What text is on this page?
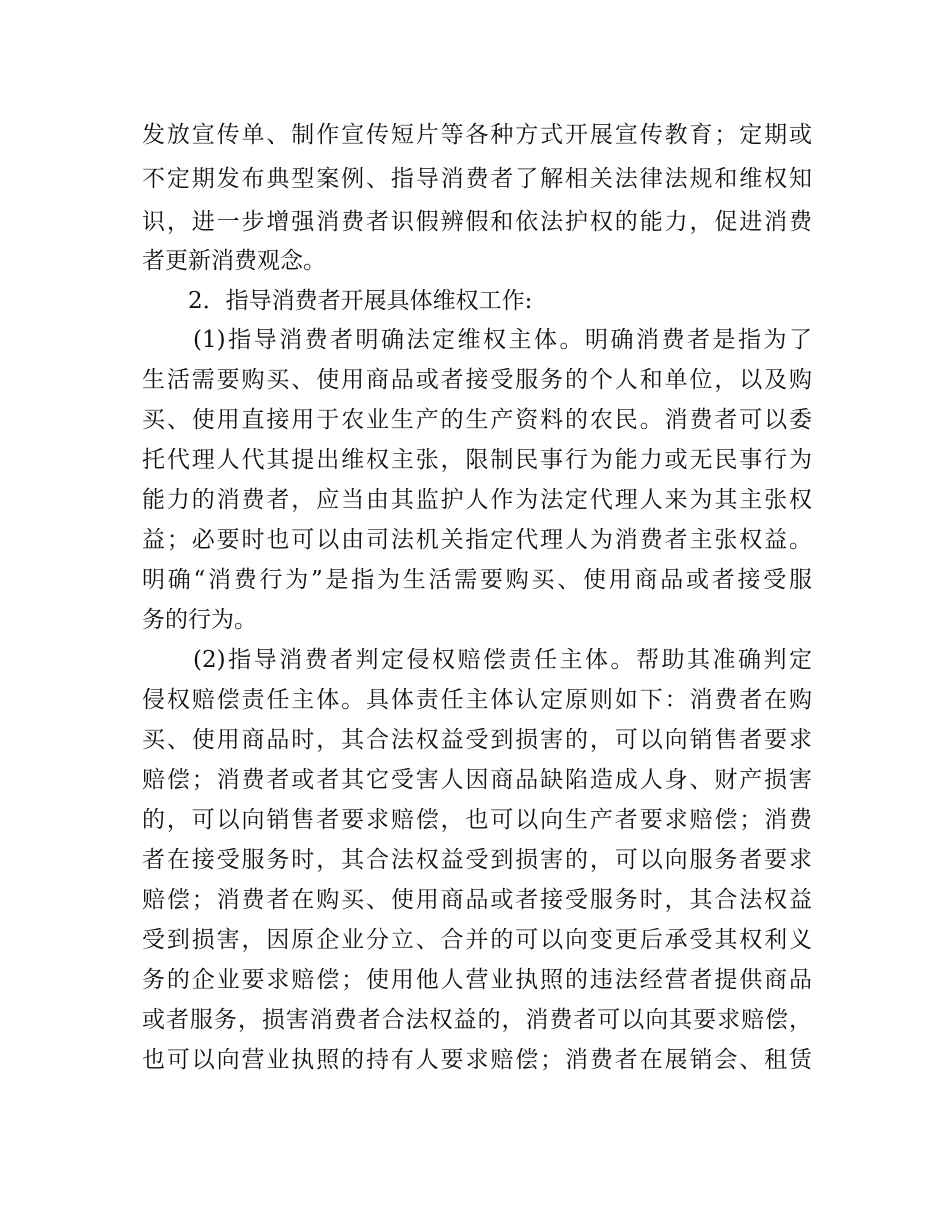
发放宣传单、制作宣传短片等各种方式开展宣传教育；定期或
不定期发布典型案例、指导消费者了解相关法律法规和维权知
识，进一步增强消费者识假辨假和依法护权的能力，促进消费
者更新消费观念。
2．指导消费者开展具体维权工作:
(1)指导消费者明确法定维权主体。明确消费者是指为了
生活需要购买、使用商品或者接受服务的个人和单位，以及购
买、使用直接用于农业生产的生产资料的农民。消费者可以委
托代理人代其提出维权主张，限制民事行为能力或无民事行为
能力的消费者，应当由其监护人作为法定代理人来为其主张权
益；必要时也可以由司法机关指定代理人为消费者主张权益。
明确“消费行为”是指为生活需要购买、使用商品或者接受服
务的行为。
(2)指导消费者判定侵权赔偿责任主体。帮助其准确判定
侵权赔偿责任主体。具体责任主体认定原则如下：消费者在购
买、使用商品时，其合法权益受到损害的，可以向销售者要求
赔偿；消费者或者其它受害人因商品缺陷造成人身、财产损害
的，可以向销售者要求赔偿，也可以向生产者要求赔偿；消费
者在接受服务时，其合法权益受到损害的，可以向服务者要求
赔偿；消费者在购买、使用商品或者接受服务时，其合法权益
受到损害，因原企业分立、合并的可以向变更后承受其权利义
务的企业要求赔偿；使用他人营业执照的违法经营者提供商品
或者服务，损害消费者合法权益的，消费者可以向其要求赔偿，
也可以向营业执照的持有人要求赔偿；消费者在展销会、租赁
